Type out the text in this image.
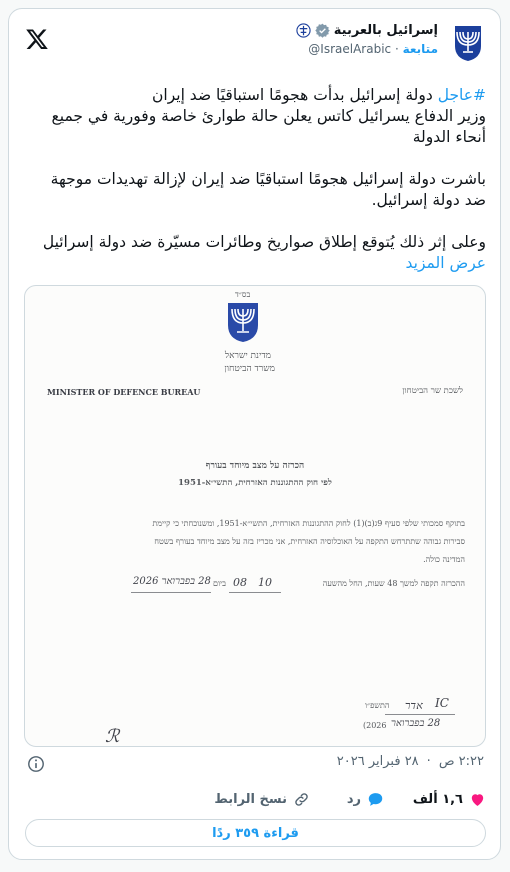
إسرائيل بالعربية
@IsraelArabic · متابعة

#عاجل دولة إسرائيل بدأت هجومًا استباقيًا ضد إيران

وزير الدفاع يسرائيل كاتس يعلن حالة طوارئ خاصة وفورية في جميع أنحاء الدولة

باشرت دولة إسرائيل هجومًا استباقيًا ضد إيران لإزالة تهديدات موجهة ضد دولة إسرائيل.

وعلى إثر ذلك يُتوقع إطلاق صواريخ وطائرات مسيّرة ضد دولة إسرائيل عرض المزيد

בס״ד
מדינת ישראל
משרד הביטחון
MINISTER OF DEFENCE BUREAU	לשכת שר הביטחון
הכרזה על מצב מיוחד בעורף
לפי חוק ההתגוננות האזרחית, התשי״א-1951
בתוקף סמכותי שלפי סעיף 9ג(ב)(1) לחוק ההתגוננות האזרחית, התשי״א-1951, ומשנוכחתי כי קיימת
סבירות גבוהה שתתרחש התקפה על האוכלוסיה האזרחית, אני מכריז בזה על מצב מיוחד בעורף בשטח
המדינה כולה.
ההכרזה תקפה למשך 48 שעות, החל מהשעה
10
08
ביום
28 בפברואר 2026
IC
אדר
התשפ״ו
(2026 28 בפברואר
ℛ
٢:٢٢ ص
·
٢٨ فبراير ٢٠٢٦
١,٦ ألف
رد
نسخ الرابط
قراءة ٣٥٩ ردًا
